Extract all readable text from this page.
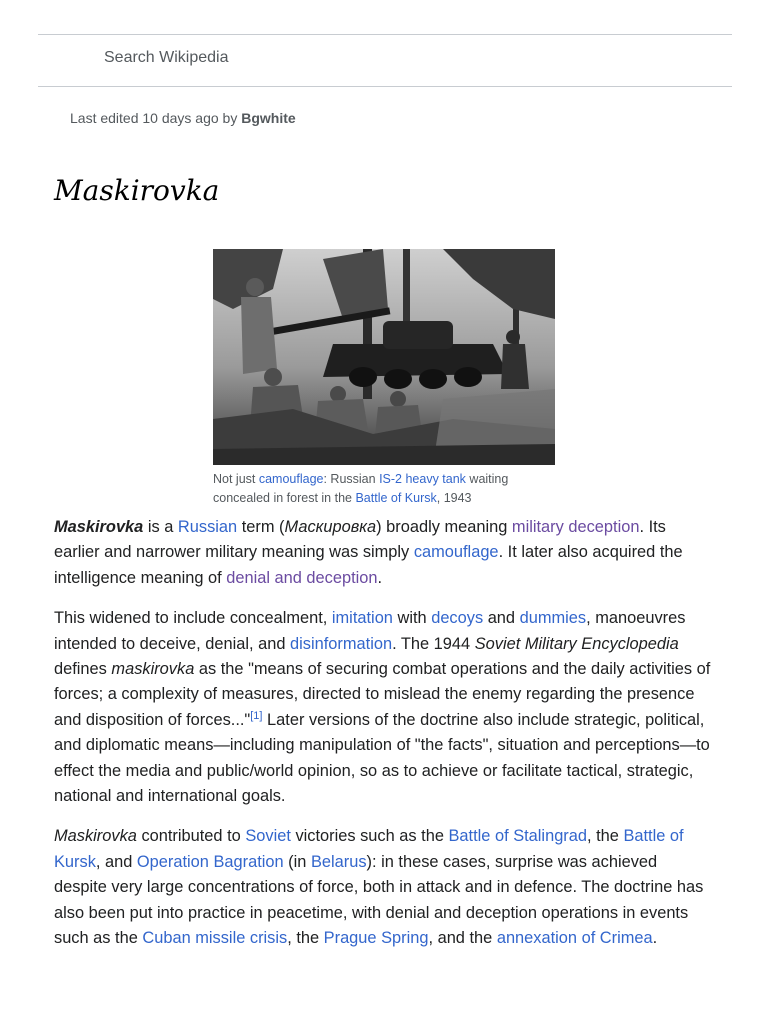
Search Wikipedia
Last edited 10 days ago by Bgwhite
Maskirovka
Not just camouflage: Russian IS-2 heavy tank waiting concealed in forest in the Battle of Kursk, 1943

Maskirovka is a Russian term (Маскировка) broadly meaning military deception. Its earlier and narrower military meaning was simply camouflage. It later also acquired the intelligence meaning of denial and deception.

This widened to include concealment, imitation with decoys and dummies, manoeuvres intended to deceive, denial, and disinformation. The 1944 Soviet Military Encyclopedia defines maskirovka as the "means of securing combat operations and the daily activities of forces; a complexity of measures, directed to mislead the enemy regarding the presence and disposition of forces..."[1] Later versions of the doctrine also include strategic, political, and diplomatic means—including manipulation of "the facts", situation and perceptions—to effect the media and public/world opinion, so as to achieve or facilitate tactical, strategic, national and international goals.

Maskirovka contributed to Soviet victories such as the Battle of Stalingrad, the Battle of Kursk, and Operation Bagration (in Belarus): in these cases, surprise was achieved despite very large concentrations of force, both in attack and in defence. The doctrine has also been put into practice in peacetime, with denial and deception operations in events such as the Cuban missile crisis, the Prague Spring, and the annexation of Crimea.
